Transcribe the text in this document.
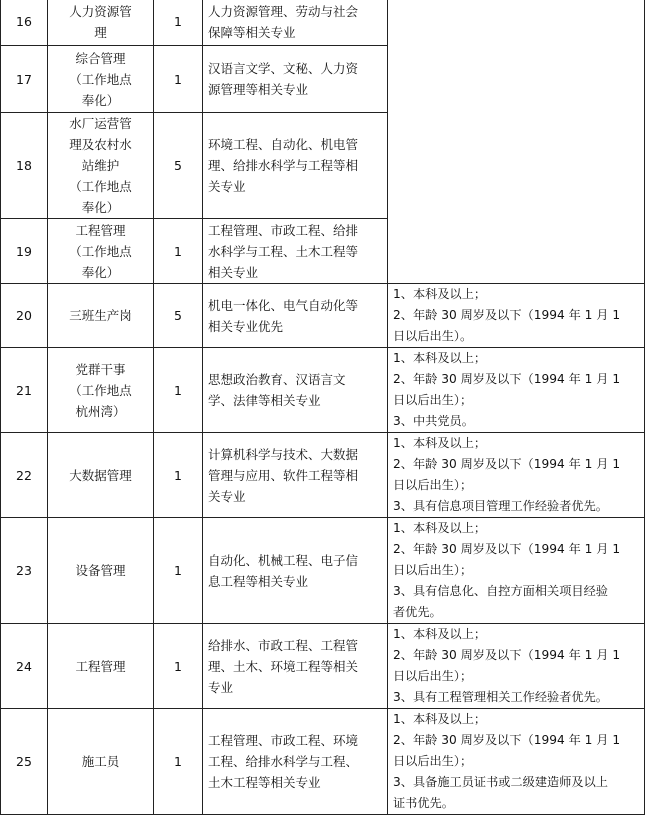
16	人力资源管
理	1	人力资源管理、劳动与社会
保障等相关专业	

17	综合管理
（工作地点
奉化）	1	汉语言文学、文秘、人力资
源管理等相关专业	

18	水厂运营管
理及农村水
站维护
（工作地点
奉化）	5	环境工程、自动化、机电管
理、给排水科学与工程等相
关专业	

19	工程管理
（工作地点
奉化）	1	工程管理、市政工程、给排
水科学与工程、土木工程等
相关专业	

20	三班生产岗	5	机电一体化、电气自动化等
相关专业优先	1、本科及以上；
2、年龄 30 周岁及以下（1994 年 1 月 1
日以后出生）。

21	党群干事
（工作地点
杭州湾）	1	思想政治教育、汉语言文
学、法律等相关专业	1、本科及以上；
2、年龄 30 周岁及以下（1994 年 1 月 1
日以后出生）；
3、中共党员。

22	大数据管理	1	计算机科学与技术、大数据
管理与应用、软件工程等相
关专业	1、本科及以上；
2、年龄 30 周岁及以下（1994 年 1 月 1
日以后出生）；
3、具有信息项目管理工作经验者优先。

23	设备管理	1	自动化、机械工程、电子信
息工程等相关专业	1、本科及以上；
2、年龄 30 周岁及以下（1994 年 1 月 1
日以后出生）；
3、具有信息化、自控方面相关项目经验
者优先。

24	工程管理	1	给排水、市政工程、工程管
理、土木、环境工程等相关
专业	1、本科及以上；
2、年龄 30 周岁及以下（1994 年 1 月 1
日以后出生）；
3、具有工程管理相关工作经验者优先。

25	施工员	1	工程管理、市政工程、环境
工程、给排水科学与工程、
土木工程等相关专业	1、本科及以上；
2、年龄 30 周岁及以下（1994 年 1 月 1
日以后出生）；
3、具备施工员证书或二级建造师及以上
证书优先。
